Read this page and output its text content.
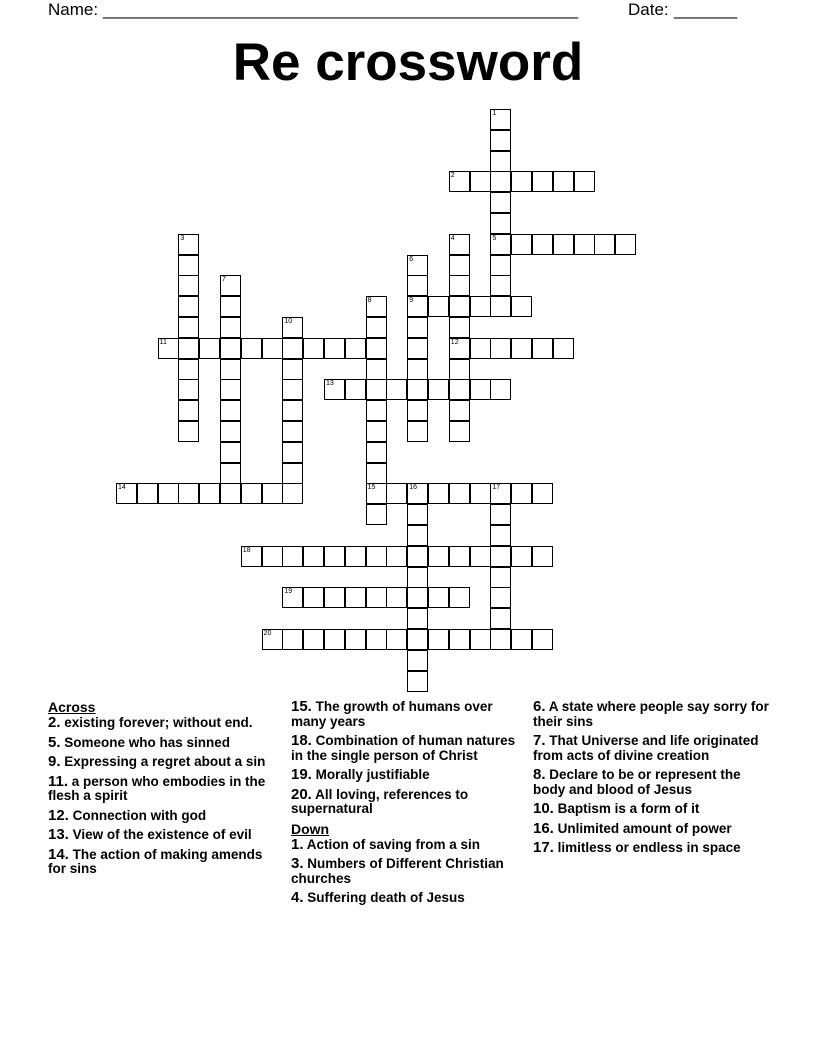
Name: _____________________________________________________	Date: _______
Re crossword
2
5
9
11	12
13
14	15	16	17
18
19
20
1
3	4
6
7
8
10
Across
2. existing forever; without end.
5. Someone who has sinned
9. Expressing a regret about a sin
11. a person who embodies in the flesh a spirit
12. Connection with god
13. View of the existence of evil
14. The action of making amends for sins
15. The growth of humans over many years
18. Combination of human natures in the single person of Christ
19. Morally justifiable
20. All loving, references to supernatural
Down
1. Action of saving from a sin
3. Numbers of Different Christian churches
4. Suffering death of Jesus
6. A state where people say sorry for their sins
7. That Universe and life originated from acts of divine creation
8. Declare to be or represent the body and blood of Jesus
10. Baptism is a form of it
16. Unlimited amount of power
17. limitless or endless in space
